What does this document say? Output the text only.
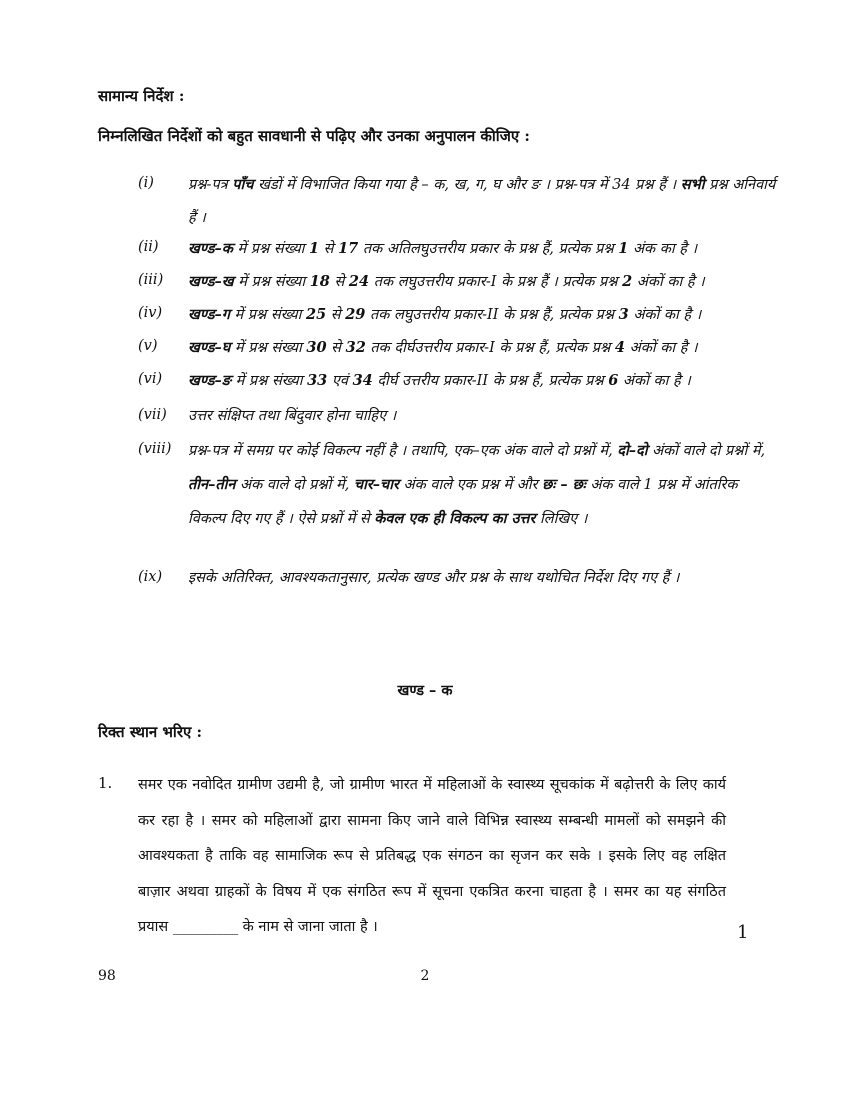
सामान्य निर्देश :
निम्नलिखित निर्देशों को बहुत सावधानी से पढ़िए और उनका अनुपालन कीजिए :
(i)	प्रश्न-पत्र पाँच खंडों में विभाजित किया गया है – क, ख, ग, घ और ङ । प्रश्न-पत्र में 34 प्रश्न हैं । सभी प्रश्न अनिवार्य हैं ।
(ii)	खण्ड–क में प्रश्न संख्या 1 से 17 तक अतिलघुउत्तरीय प्रकार के प्रश्न हैं, प्रत्येक प्रश्न 1 अंक का है ।
(iii)	खण्ड–ख में प्रश्न संख्या 18 से 24 तक लघुउत्तरीय प्रकार-I के प्रश्न हैं । प्रत्येक प्रश्न 2 अंकों का है ।
(iv)	खण्ड–ग में प्रश्न संख्या 25 से 29 तक लघुउत्तरीय प्रकार-II के प्रश्न हैं, प्रत्येक प्रश्न 3 अंकों का है ।
(v)	खण्ड–घ में प्रश्न संख्या 30 से 32 तक दीर्घउत्तरीय प्रकार-I के प्रश्न हैं, प्रत्येक प्रश्न 4 अंकों का है ।
(vi)	खण्ड–ङ में प्रश्न संख्या 33 एवं 34 दीर्घ उत्तरीय प्रकार-II के प्रश्न हैं, प्रत्येक प्रश्न 6 अंकों का है ।
(vii)	उत्तर संक्षिप्त तथा बिंदुवार होना चाहिए ।
(viii)	प्रश्न-पत्र में समग्र पर कोई विकल्प नहीं है । तथापि, एक–एक अंक वाले दो प्रश्नों में, दो–दो अंकों वाले दो प्रश्नों में, तीन–तीन अंक वाले दो प्रश्नों में, चार–चार अंक वाले एक प्रश्न में और छः – छः अंक वाले 1 प्रश्न में आंतरिक विकल्प दिए गए हैं । ऐसे प्रश्नों में से केवल एक ही विकल्प का उत्तर लिखिए ।
(ix)	इसके अतिरिक्त, आवश्यकतानुसार, प्रत्येक खण्ड और प्रश्न के साथ यथोचित निर्देश दिए गए हैं ।
खण्ड – क
रिक्त स्थान भरिए :
1. समर एक नवोदित ग्रामीण उद्यमी है, जो ग्रामीण भारत में महिलाओं के स्वास्थ्य सूचकांक में बढ़ोत्तरी के लिए कार्य कर रहा है । समर को महिलाओं द्वारा सामना किए जाने वाले विभिन्न स्वास्थ्य सम्बन्धी मामलों को समझने की आवश्यकता है ताकि वह सामाजिक रूप से प्रतिबद्ध एक संगठन का सृजन कर सके । इसके लिए वह लक्षित बाज़ार अथवा ग्राहकों के विषय में एक संगठित रूप में सूचना एकत्रित करना चाहता है । समर का यह संगठित प्रयास _________ के नाम से जाना जाता है ।	1
98	2
